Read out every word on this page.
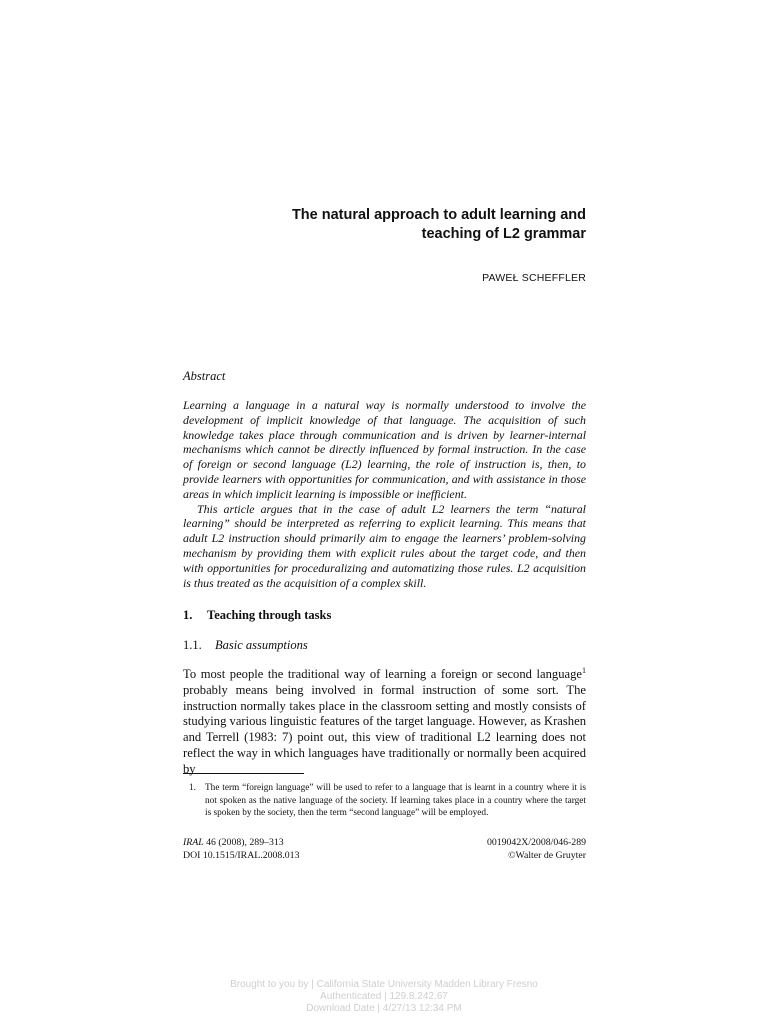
The natural approach to adult learning and
teaching of L2 grammar
PAWEŁ SCHEFFLER
Abstract

Learning a language in a natural way is normally understood to involve the development of implicit knowledge of that language. The acquisition of such knowledge takes place through communication and is driven by learner-internal mechanisms which cannot be directly influenced by formal instruction. In the case of foreign or second language (L2) learning, the role of instruction is, then, to provide learners with opportunities for communication, and with assistance in those areas in which implicit learning is impossible or inefficient.

This article argues that in the case of adult L2 learners the term “natural learning” should be interpreted as referring to explicit learning. This means that adult L2 instruction should primarily aim to engage the learners’ problem-solving mechanism by providing them with explicit rules about the target code, and then with opportunities for proceduralizing and automatizing those rules. L2 acquisition is thus treated as the acquisition of a complex skill.

1. Teaching through tasks
1.1. Basic assumptions

To most people the traditional way of learning a foreign or second language$^1$ probably means being involved in formal instruction of some sort. The instruction normally takes place in the classroom setting and mostly consists of studying various linguistic features of the target language. However, as Krashen and Terrell (1983: 7) point out, this view of traditional L2 learning does not reflect the way in which languages have traditionally or normally been acquired by

1. The term “foreign language” will be used to refer to a language that is learnt in a country where it is not spoken as the native language of the society. If learning takes place in a country where the target is spoken by the society, then the term “second language” will be employed.
IRAL 46 (2008), 289–313
DOI 10.1515/IRAL.2008.013
0019042X/2008/046-289
©Walter de Gruyter
Brought to you by | California State University Madden Library Fresno
Authenticated | 129.8.242.67
Download Date | 4/27/13 12:34 PM
